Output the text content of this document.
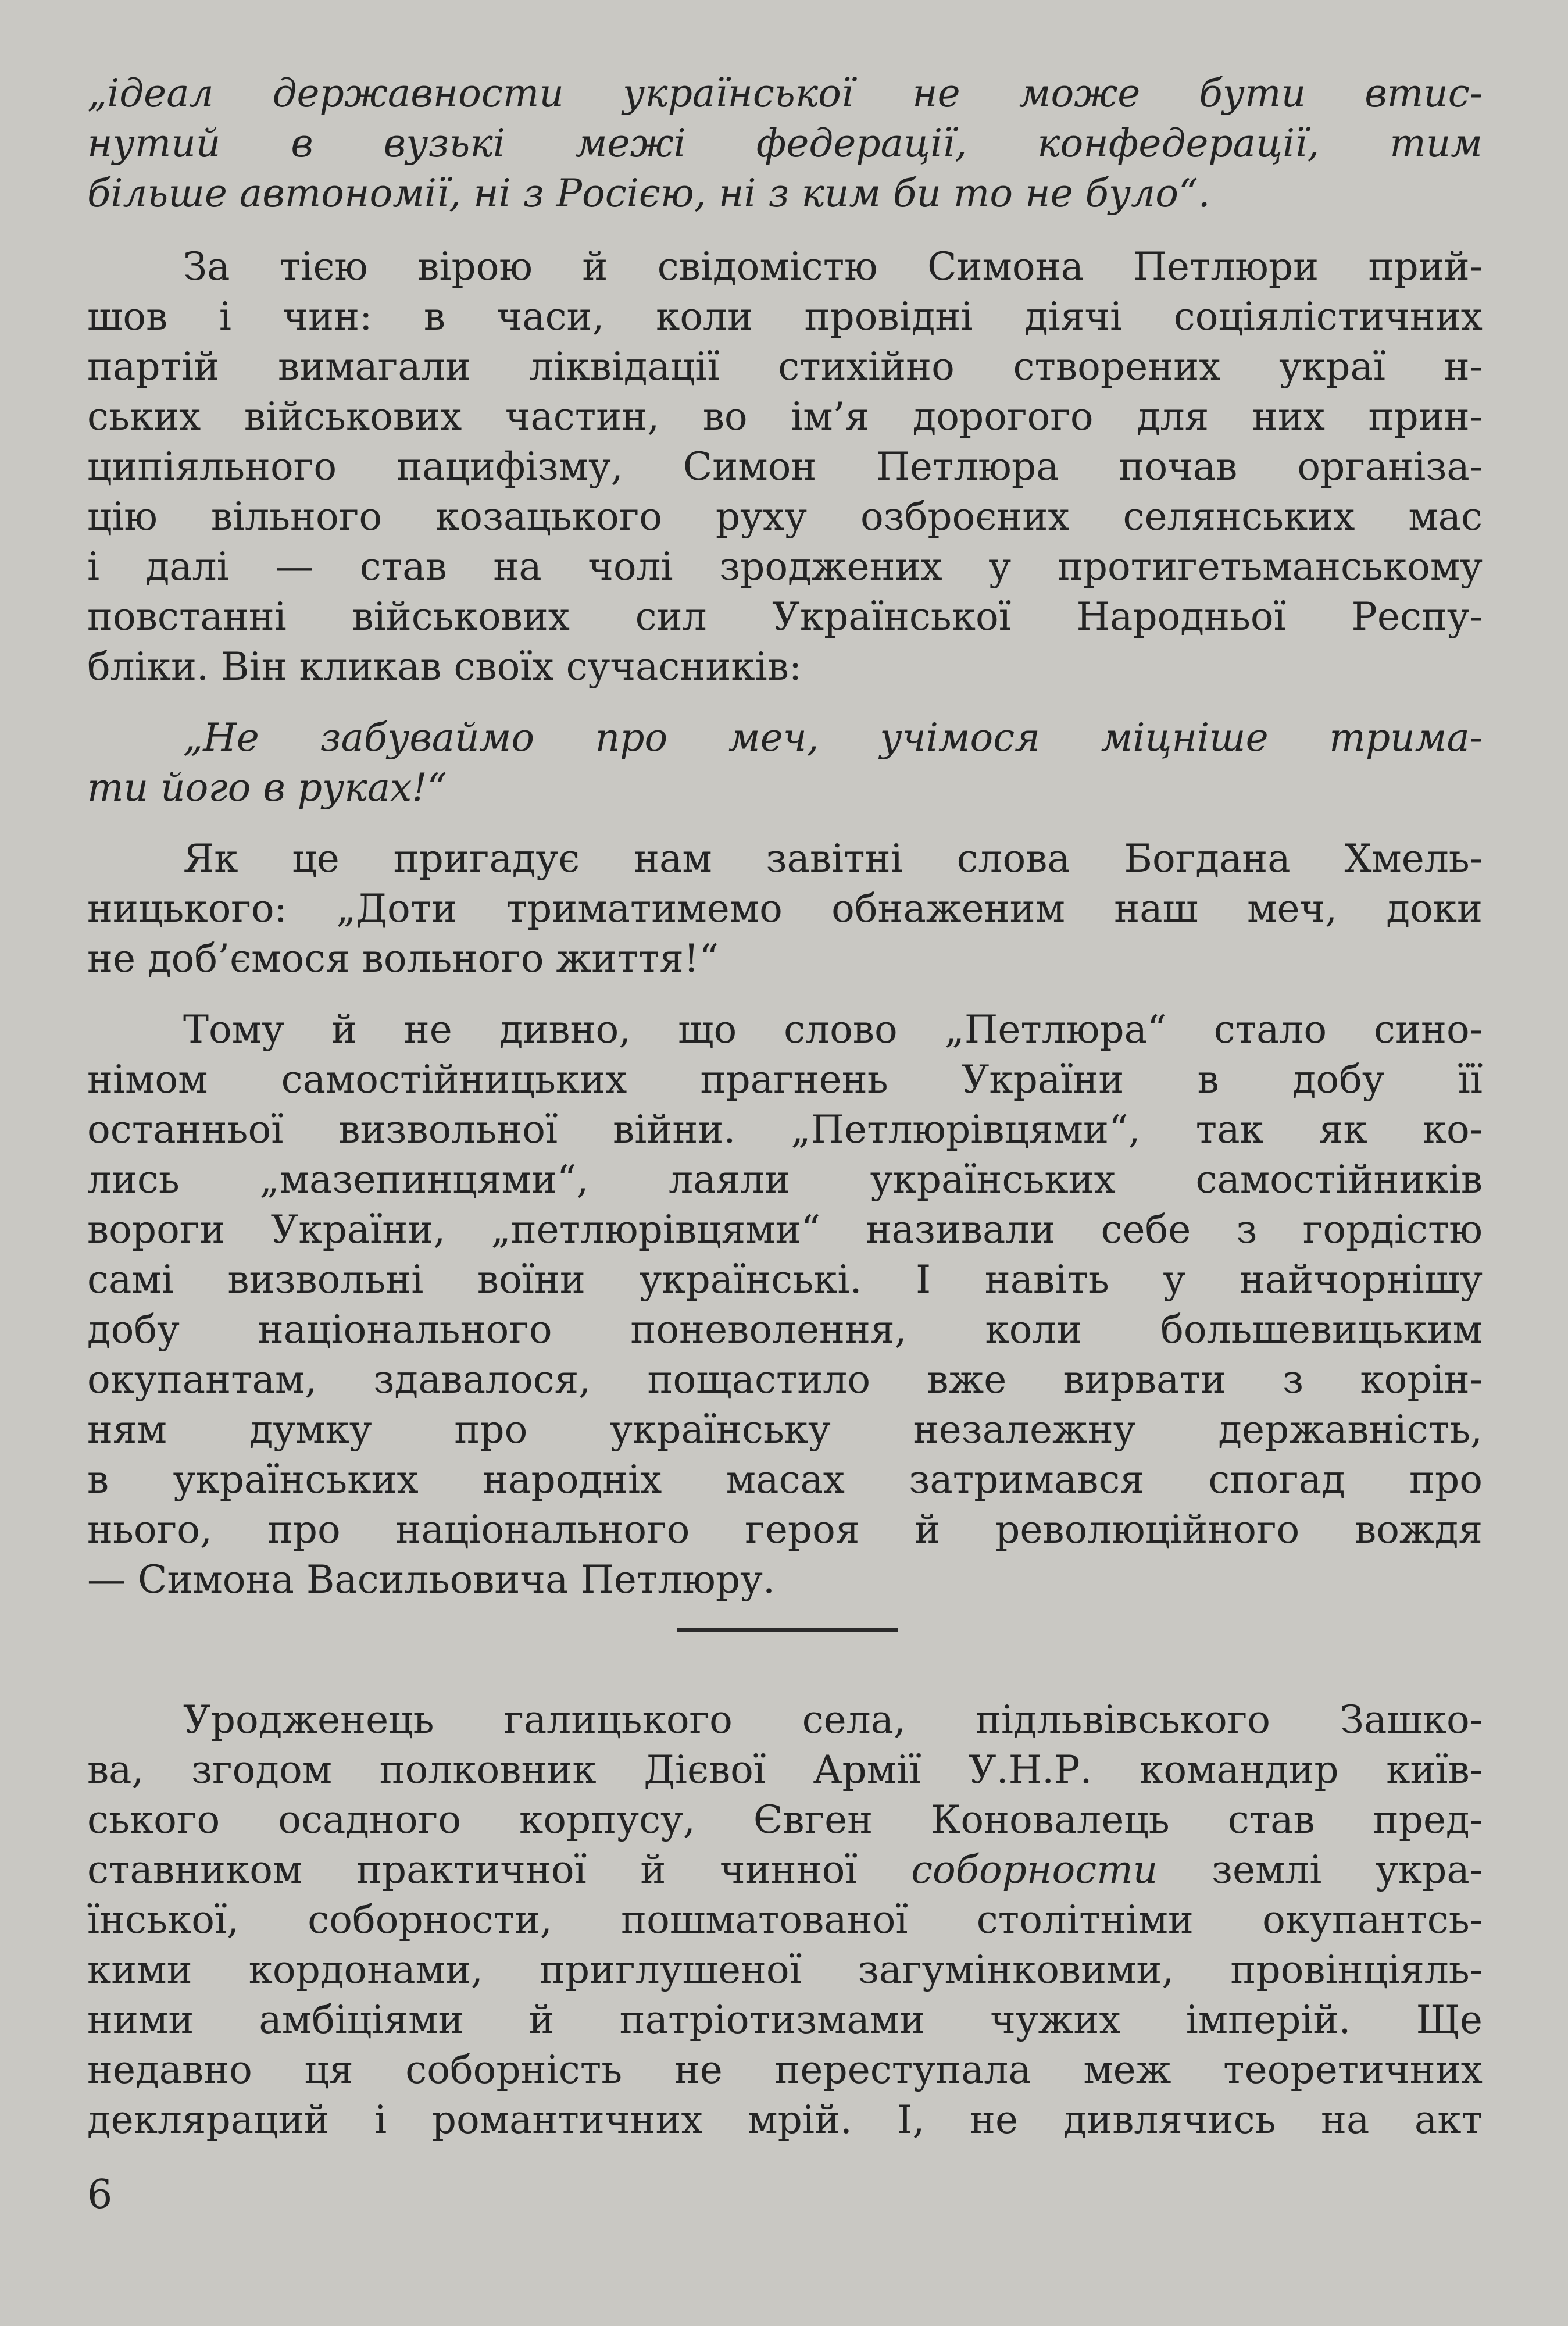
„ідеал державности української не може бути втис-
нутий в вузькі межі федерації, конфедерації, тим
більше автономії, ні з Росією, ні з ким би то не було“.

За тією вірою й свідомістю Симона Петлюри прий-
шов і чин: в часи, коли провідні діячі соціялістичних
партій вимагали ліквідації стихійно створених украї н-
ських військових частин, во ім’я дорогого для них прин-
ципіяльного пацифізму, Симон Петлюра почав організа-
цію вільного козацького руху озброєних селянських мас
і далі — став на чолі зроджених у протигетьманському
повстанні військових сил Української Народньої Респу-
бліки. Він кликав своїх сучасників:

„Не забуваймо про меч, учімося міцніше трима-
ти його в руках!“

Як це пригадує нам завітні слова Богдана Хмель-
ницького: „Доти триматимемо обнаженим наш меч, доки
не доб’ємося вольного життя!“

Тому й не дивно, що слово „Петлюра“ стало сино-
німом самостійницьких прагнень України в добу її
останньої визвольної війни. „Петлюрівцями“, так як ко-
лись „мазепинцями“, лаяли українських самостійників
вороги України, „петлюрівцями“ називали себе з гордістю
самі визвольні воїни українські. І навіть у найчорнішу
добу національного поневолення, коли большевицьким
окупантам, здавалося, пощастило вже вирвати з корін-
ням думку про українську незалежну державність,
в українських народніх масах затримався спогад про
нього, про національного героя й революційного вождя
— Симона Васильовича Петлюру.

Уродженець галицького села, підльвівського Зашко-
ва, згодом полковник Дієвої Армії У.Н.Р. командир київ-
ського осадного корпусу, Євген Коновалець став пред-
ставником практичної й чинної соборности землі укра-
їнської, соборности, пошматованої столітніми окупантсь-
кими кордонами, приглушеної загумінковими, провінціяль-
ними амбіціями й патріотизмами чужих імперій. Ще
недавно ця соборність не переступала меж теоретичних
декляраций і романтичних мрій. І, не дивлячись на акт

6
